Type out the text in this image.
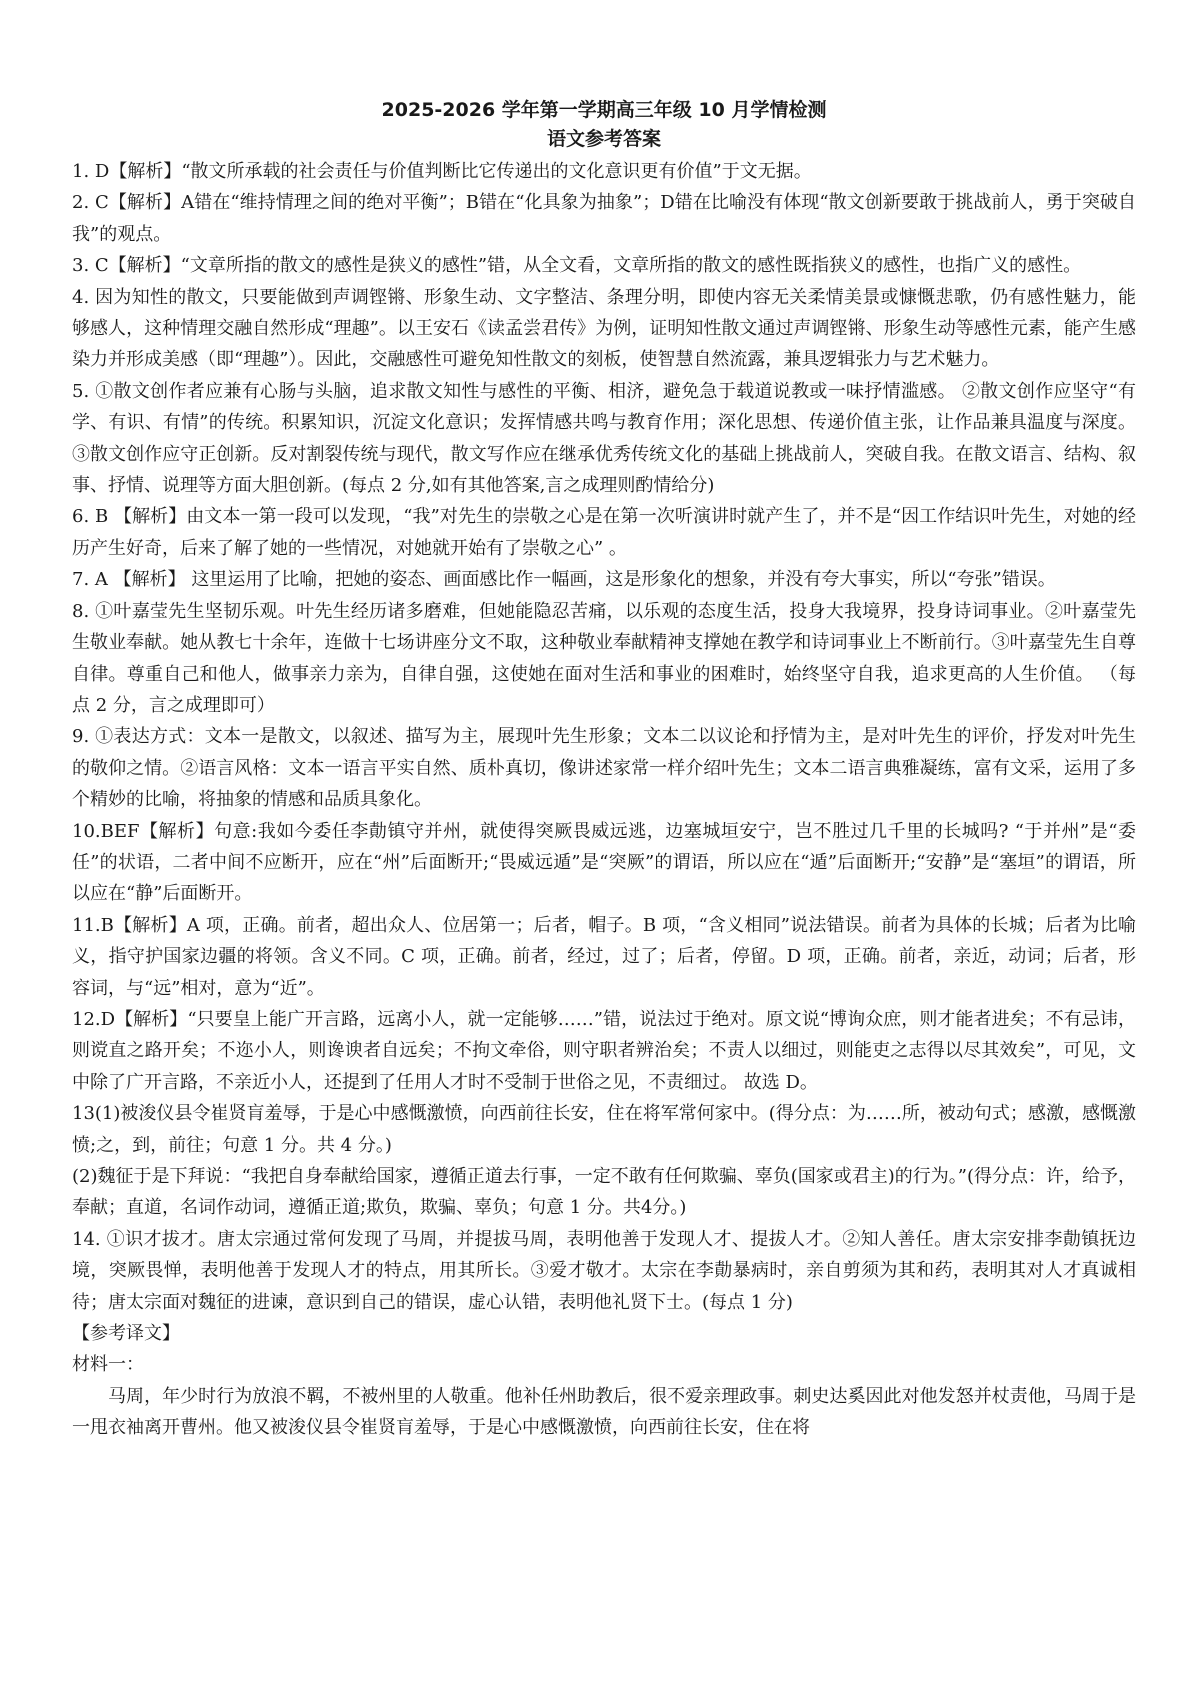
2025-2026 学年第一学期高三年级 10 月学情检测
语文参考答案

1. D【解析】“散文所承载的社会责任与价值判断比它传递出的文化意识更有价值”于文无据。

2. C【解析】A错在“维持情理之间的绝对平衡”；B错在“化具象为抽象”；D错在比喻没有体现“散文创新要敢于挑战前人，勇于突破自我”的观点。

3. C【解析】“文章所指的散文的感性是狭义的感性”错，从全文看，文章所指的散文的感性既指狭义的感性，也指广义的感性。

4. 因为知性的散文，只要能做到声调铿锵、形象生动、文字整洁、条理分明，即使内容无关柔情美景或慷慨悲歌，仍有感性魅力，能够感人，这种情理交融自然形成“理趣”。以王安石《读孟尝君传》为例，证明知性散文通过声调铿锵、形象生动等感性元素，能产生感染力并形成美感（即“理趣”）。因此，交融感性可避免知性散文的刻板，使智慧自然流露，兼具逻辑张力与艺术魅力。

5. ①散文创作者应兼有心肠与头脑，追求散文知性与感性的平衡、相济，避免急于载道说教或一味抒情滥感。 ②散文创作应坚守“有学、有识、有情”的传统。积累知识，沉淀文化意识；发挥情感共鸣与教育作用；深化思想、传递价值主张，让作品兼具温度与深度。 ③散文创作应守正创新。反对割裂传统与现代，散文写作应在继承优秀传统文化的基础上挑战前人，突破自我。在散文语言、结构、叙事、抒情、说理等方面大胆创新。(每点 2 分,如有其他答案,言之成理则酌情给分)

6. B 【解析】由文本一第一段可以发现，“我”对先生的崇敬之心是在第一次听演讲时就产生了，并不是“因工作结识叶先生，对她的经历产生好奇，后来了解了她的一些情况，对她就开始有了崇敬之心” 。

7. A 【解析】 这里运用了比喻，把她的姿态、画面感比作一幅画，这是形象化的想象，并没有夸大事实，所以“夸张”错误。

8. ①叶嘉莹先生坚韧乐观。叶先生经历诸多磨难，但她能隐忍苦痛，以乐观的态度生活，投身大我境界，投身诗词事业。②叶嘉莹先生敬业奉献。她从教七十余年，连做十七场讲座分文不取，这种敬业奉献精神支撑她在教学和诗词事业上不断前行。③叶嘉莹先生自尊自律。尊重自己和他人，做事亲力亲为，自律自强，这使她在面对生活和事业的困难时，始终坚守自我，追求更高的人生价值。 （每点 2 分，言之成理即可）

9. ①表达方式：文本一是散文，以叙述、描写为主，展现叶先生形象；文本二以议论和抒情为主，是对叶先生的评价，抒发对叶先生的敬仰之情。②语言风格：文本一语言平实自然、质朴真切，像讲述家常一样介绍叶先生；文本二语言典雅凝练，富有文采，运用了多个精妙的比喻，将抽象的情感和品质具象化。

10.BEF【解析】句意:我如今委任李勣镇守并州，就使得突厥畏威远逃，边塞城垣安宁，岂不胜过几千里的长城吗? “于并州”是“委任”的状语，二者中间不应断开，应在“州”后面断开;“畏威远遁”是“突厥”的谓语，所以应在“遁”后面断开;“安静”是“塞垣”的谓语，所以应在“静”后面断开。

11.B【解析】A 项，正确。前者，超出众人、位居第一；后者，帽子。B 项，“含义相同”说法错误。前者为具体的长城；后者为比喻义，指守护国家边疆的将领。含义不同。C 项，正确。前者，经过，过了；后者，停留。D 项，正确。前者，亲近，动词；后者，形容词，与“远”相对，意为“近”。

12.D【解析】“只要皇上能广开言路，远离小人，就一定能够……”错，说法过于绝对。原文说“博询众庶，则才能者进矣；不有忌讳，则谠直之路开矣；不迩小人，则谗谀者自远矣；不拘文牵俗，则守职者辨治矣；不责人以细过，则能吏之志得以尽其效矣”，可见，文中除了广开言路，不亲近小人，还提到了任用人才时不受制于世俗之见，不责细过。 故选 D。

13(1)被浚仪县令崔贤肓羞辱，于是心中感慨激愤，向西前往长安，住在将军常何家中。(得分点：为……所，被动句式；感激，感慨激愤;之，到，前往；句意 1 分。共 4 分。)

(2)魏征于是下拜说：“我把自身奉献给国家，遵循正道去行事，一定不敢有任何欺骗、辜负(国家或君主)的行为。”(得分点：许，给予，奉献；直道，名词作动词，遵循正道;欺负，欺骗、辜负；句意 1 分。共4分。)

14. ①识才拔才。唐太宗通过常何发现了马周，并提拔马周，表明他善于发现人才、提拔人才。②知人善任。唐太宗安排李勣镇抚边境，突厥畏惮，表明他善于发现人才的特点，用其所长。③爱才敬才。太宗在李勣暴病时，亲自剪须为其和药，表明其对人才真诚相待；唐太宗面对魏征的进谏，意识到自己的错误，虚心认错，表明他礼贤下士。(每点 1 分)

【参考译文】

材料一：

马周，年少时行为放浪不羁，不被州里的人敬重。他补任州助教后，很不爱亲理政事。刺史达奚因此对他发怒并杖责他，马周于是一甩衣袖离开曹州。他又被浚仪县令崔贤肓羞辱，于是心中感慨激愤，向西前往长安，住在将
